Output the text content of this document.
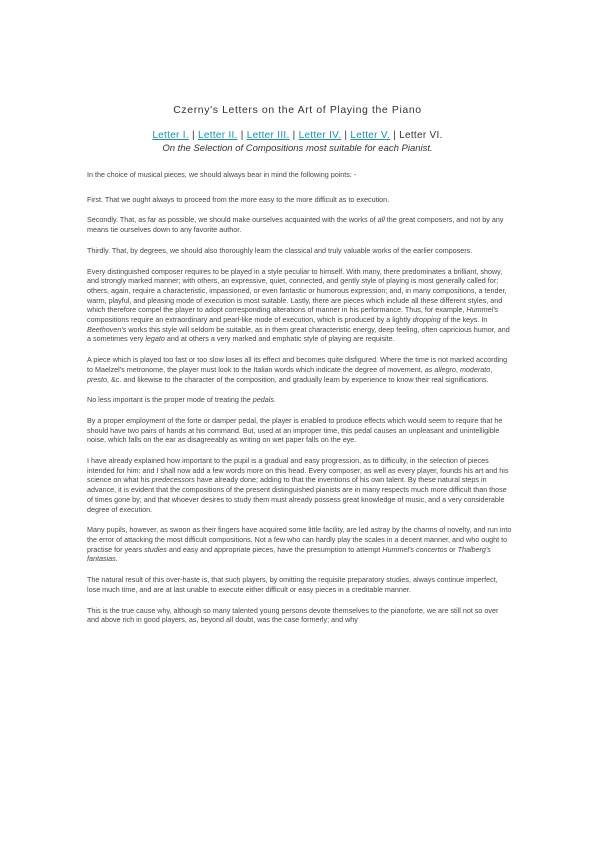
Czerny's Letters on the Art of Playing the Piano
Letter I. | Letter II. | Letter III. | Letter IV. | Letter V. | Letter VI.
On the Selection of Compositions most suitable for each Pianist.

In the choice of musical pieces, we should always bear in mind the following points: -

First. That we ought always to proceed from the more easy to the more difficult as to execution.

Secondly. That, as far as possible, we should make ourselves acquainted with the works of all the great composers, and not by any means tie ourselves down to any favorite author.

Thirdly. That, by degrees, we should also thoroughly learn the classical and truly valuable works of the earlier composers.

Every distinguished composer requires to be played in a style peculiar to himself. With many, there predominates a brilliant, showy, and strongly marked manner; with others, an expressive, quiet, connected, and gently style of playing is most generally called for; others, again, require a characteristic, impassioned, or even fantastic or humorous expression; and, in many compositions, a tender, warm, playful, and pleasing mode of execution is most suitable. Lastly, there are pieces which include all these different styles, and which therefore compel the player to adopt corresponding alterations of manner in his performance. Thus, for example, Hummel's compositions require an extraordinary and pearl-like mode of execution, which is produced by a lightly dropping of the keys. In Beethoven's works this style will seldom be suitable, as in them great characteristic energy, deep feeling, often capricious humor, and a sometimes very legato and at others a very marked and emphatic style of playing are requisite.

A piece which is played too fast or too slow loses all its effect and becomes quite disfigured. Where the time is not marked according to Maelzel's metronome, the player must look to the Italian words which indicate the degree of movement, as allegro, moderato, presto, &c. and likewise to the character of the composition, and gradually learn by experience to know their real significations.

No less important is the proper mode of treating the pedals.

By a proper employment of the forte or damper pedal, the player is enabled to produce effects which would seem to require that he should have two pairs of hands at his command. But, used at an improper time, this pedal causes an unpleasant and unintelligible noise, which falls on the ear as disagreeably as writing on wet paper falls on the eye.

I have already explained how important to the pupil is a gradual and easy progression, as to difficulty, in the selection of pieces intended for him: and I shall now add a few words more on this head. Every composer, as well as every player, founds his art and his science on what his predecessors have already done; adding to that the inventions of his own talent. By these natural steps in advance, it is evident that the compositions of the present distinguished pianists are in many respects much more difficult than those of times gone by; and that whoever desires to study them must already possess great knowledge of music, and a very considerable degree of execution.

Many pupils, however, as swoon as their fingers have acquired some little facility, are led astray by the charms of novelty, and run into the error of attacking the most difficult compositions. Not a few who can hardly play the scales in a decent manner, and who ought to practise for years studies and easy and appropriate pieces, have the presumption to attempt Hummel's concertos or Thalberg's fantasias.

The natural result of this over-haste is, that such players, by omitting the requisite preparatory studies, always continue imperfect, lose much time, and are at last unable to execute either difficult or easy pieces in a creditable manner.

This is the true cause why, although so many talented young persons devote themselves to the pianoforte, we are still not so over and above rich in good players, as, beyond all doubt, was the case formerly; and why
